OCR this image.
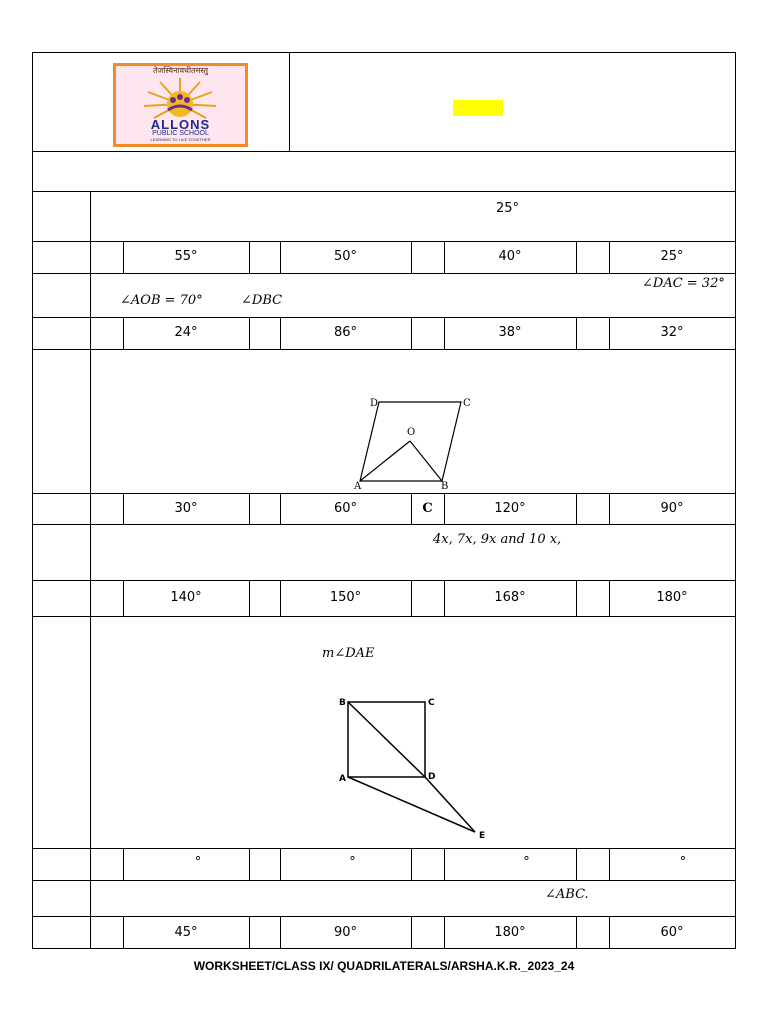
तेजस्विनावधीतमस्तु
ALLONS
PUBLIC SCHOOL
LEARNING TO LIVE TOGETHER
25°
55°	50°	40°	25°
∠DAC = 32°
∠AOB = 70°	∠DBC
24°	86°	38°	32°
D	C
O
A	B
30°	60°	C	120°	90°
4x, 7x, 9x and 10 x,
140°	150°	168°	180°
m∠DAE
B	C
A	D
E
°	°	°	°
∠ABC.
45°	90°	180°	60°
WORKSHEET/CLASS IX/ QUADRILATERALS/ARSHA.K.R._2023_24
